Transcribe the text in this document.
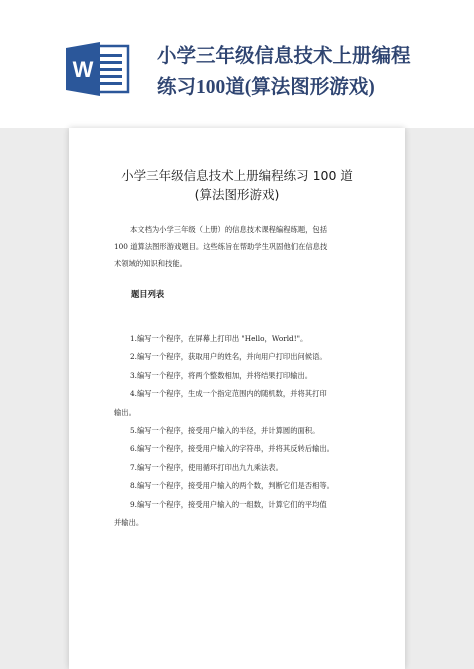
W
小学三年级信息技术上册编程
练习100道(算法图形游戏)
小学三年级信息技术上册编程练习 100 道
(算法图形游戏)
本文档为小学三年级（上册）的信息技术课程编程练题，包括
100 道算法图形游戏题目。这些练旨在帮助学生巩固他们在信息技
术领域的知识和技能。
题目列表
1.编写一个程序，在屏幕上打印出 "Hello，World!"。
2.编写一个程序，获取用户的姓名，并向用户打印出问候语。
3.编写一个程序，将两个整数相加，并将结果打印输出。
4.编写一个程序，生成一个指定范围内的随机数，并将其打印
输出。
5.编写一个程序，接受用户输入的半径，并计算圆的面积。
6.编写一个程序，接受用户输入的字符串，并将其反转后输出。
7.编写一个程序，使用循环打印出九九乘法表。
8.编写一个程序，接受用户输入的两个数，判断它们是否相等。
9.编写一个程序，接受用户输入的一组数，计算它们的平均值
并输出。
